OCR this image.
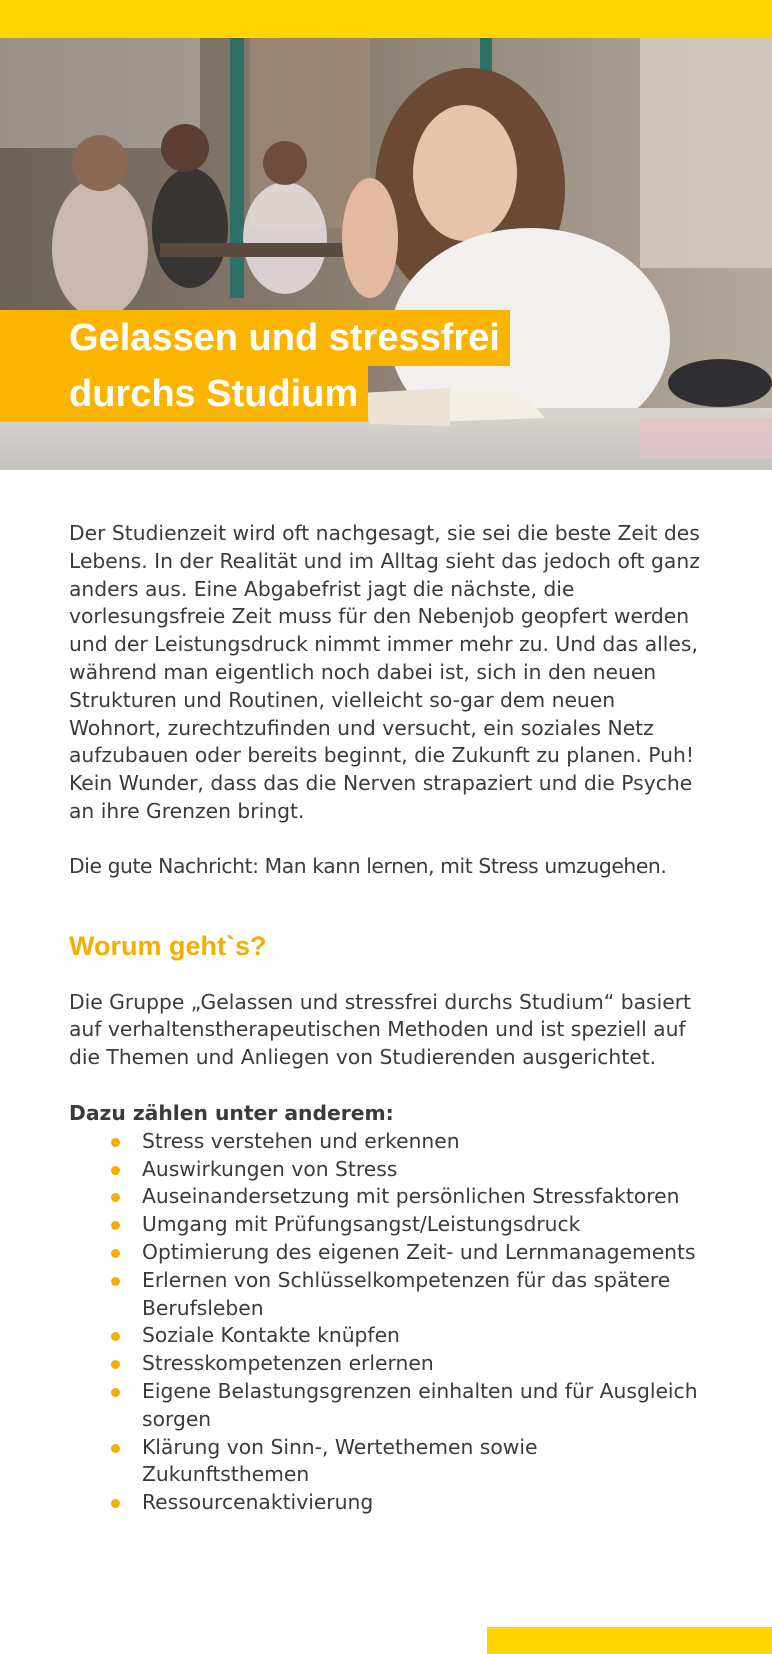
Gelassen und stressfrei
durchs Studium

Der Studienzeit wird oft nachgesagt, sie sei die beste Zeit des Lebens. In der Realität und im Alltag sieht das jedoch oft ganz anders aus. Eine Abgabefrist jagt die nächste, die vorlesungsfreie Zeit muss für den Nebenjob geopfert werden und der Leistungsdruck nimmt immer mehr zu. Und das alles, während man eigentlich noch dabei ist, sich in den neuen Strukturen und Routinen, vielleicht so-gar dem neuen Wohnort, zurechtzufinden und versucht, ein soziales Netz aufzubauen oder bereits beginnt, die Zukunft zu planen. Puh! Kein Wunder, dass das die Nerven strapaziert und die Psyche an ihre Grenzen bringt.

Die gute Nachricht: Man kann lernen, mit Stress umzugehen.

Worum geht`s?

Die Gruppe „Gelassen und stressfrei durchs Studium“ basiert auf verhaltenstherapeutischen Methoden und ist speziell auf die Themen und Anliegen von Studierenden ausgerichtet.

Dazu zählen unter anderem:

Stress verstehen und erkennen
Auswirkungen von Stress
Auseinandersetzung mit persönlichen Stressfaktoren
Umgang mit Prüfungsangst/Leistungsdruck
Optimierung des eigenen Zeit- und Lernmanagements
Erlernen von Schlüsselkompetenzen für das spätere Berufsleben
Soziale Kontakte knüpfen
Stresskompetenzen erlernen
Eigene Belastungsgrenzen einhalten und für Ausgleich sorgen
Klärung von Sinn-, Wertethemen sowie Zukunftsthemen
Ressourcenaktivierung
